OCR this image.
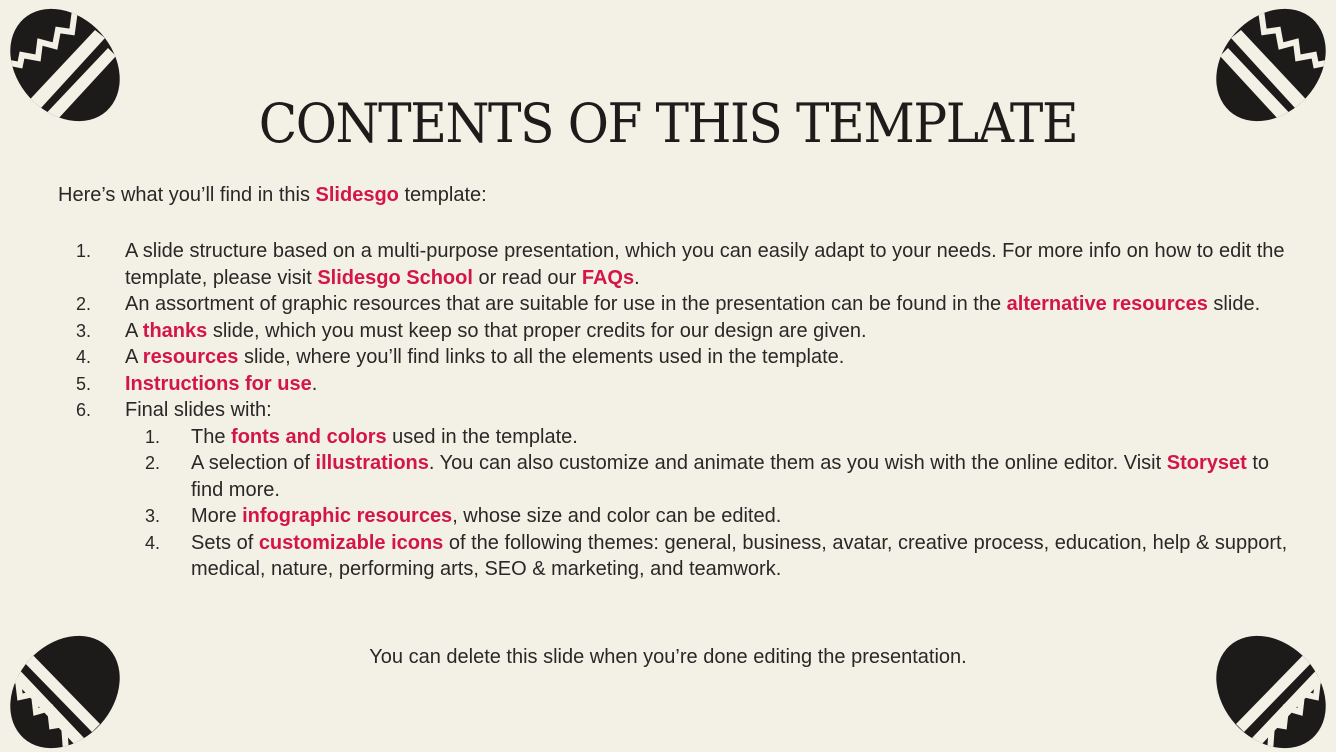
CONTENTS OF THIS TEMPLATE
Here’s what you’ll find in this Slidesgo template:
1.	A slide structure based on a multi-purpose presentation, which you can easily adapt to your needs. For more info on how to edit the template, please visit Slidesgo School or read our FAQs.
2.	An assortment of graphic resources that are suitable for use in the presentation can be found in the alternative resources slide.
3.	A thanks slide, which you must keep so that proper credits for our design are given.
4.	A resources slide, where you’ll find links to all the elements used in the template.
5.	Instructions for use.
6.	Final slides with:
1.	The fonts and colors used in the template.
2.	A selection of illustrations. You can also customize and animate them as you wish with the online editor. Visit Storyset to find more.
3.	More infographic resources, whose size and color can be edited.
4.	Sets of customizable icons of the following themes: general, business, avatar, creative process, education, help & support, medical, nature, performing arts, SEO & marketing, and teamwork.
You can delete this slide when you’re done editing the presentation.
